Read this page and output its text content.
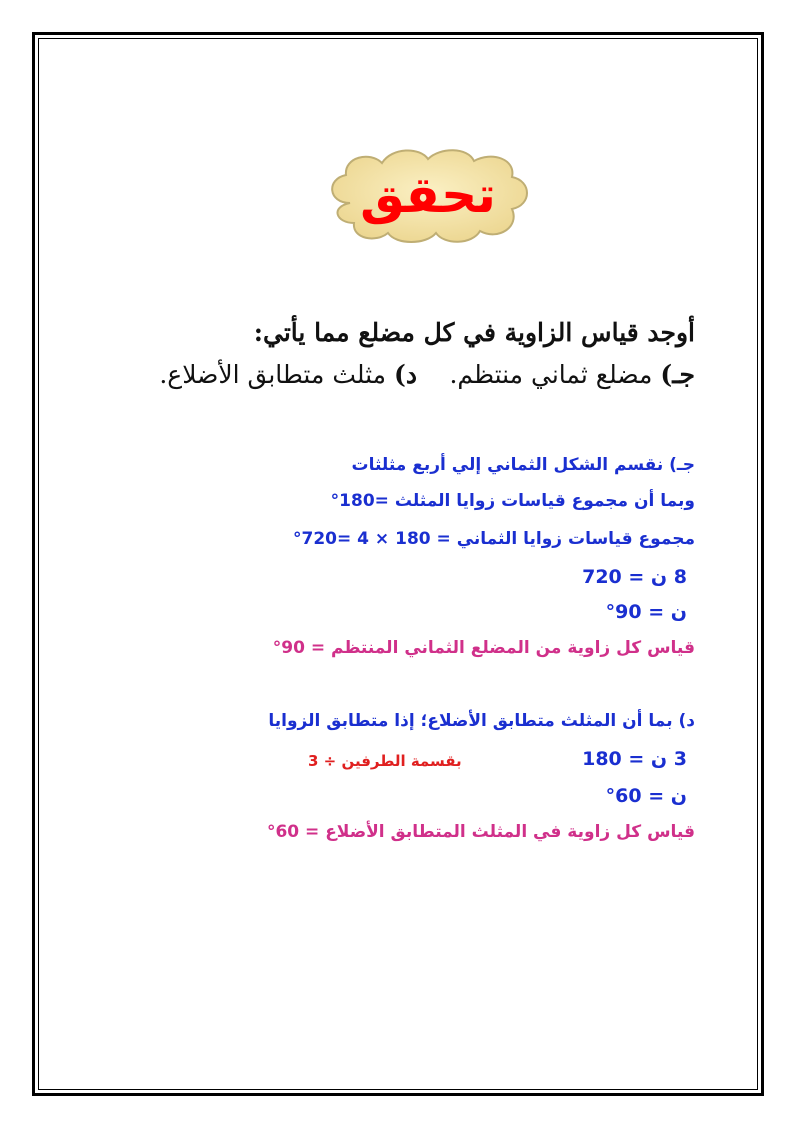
تحقق
أوجد قياس الزاوية في كل مضلع مما يأتي:
جـ) مضلع ثماني منتظم.
د) مثلث متطابق الأضلاع.
جـ) نقسم الشكل الثماني إلي أربع مثلثات
وبما أن مجموع قياسات زوايا المثلث =180°
مجموع قياسات زوايا الثماني = 180 × 4 =720°
8 ن = 720
ن = 90°
قياس كل زاوية من المضلع الثماني المنتظم = 90°
د) بما أن المثلث متطابق الأضلاع؛ إذا متطابق الزوايا
3 ن = 180
بقسمة الطرفين ÷ 3
ن = 60°
قياس كل زاوية في المثلث المتطابق الأضلاع = 60°
